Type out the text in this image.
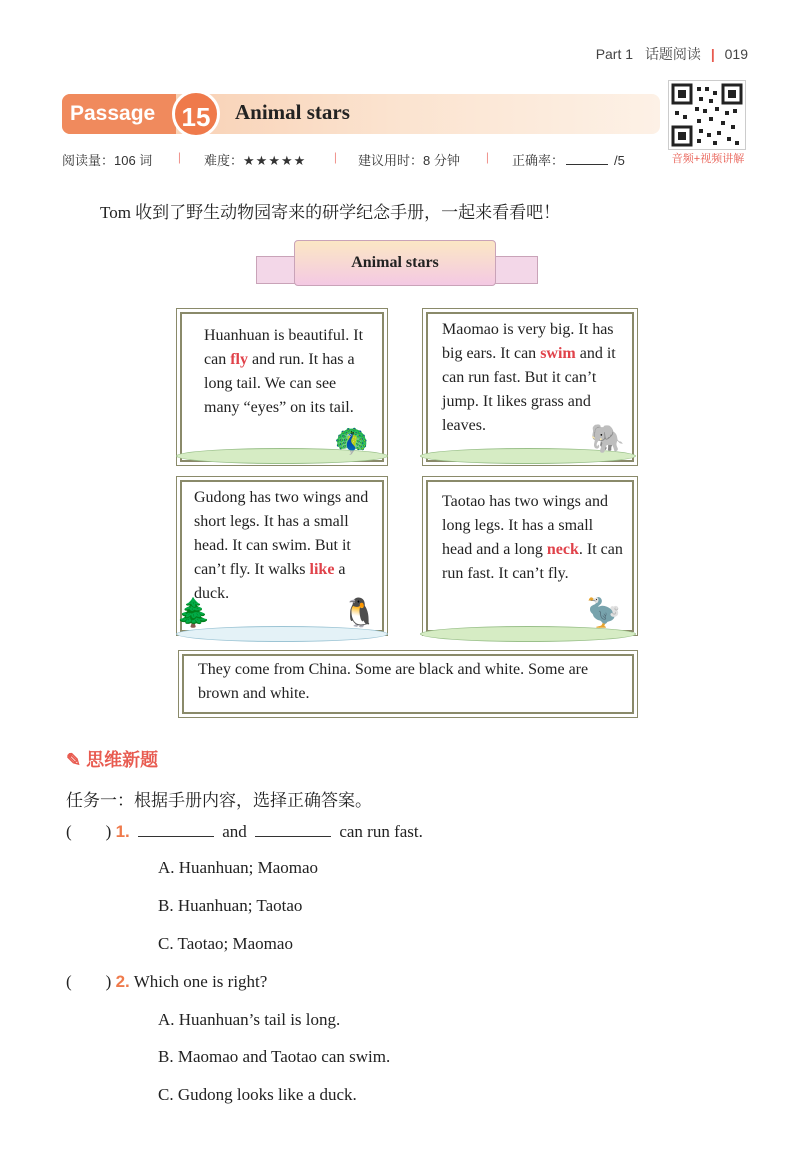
Part 1 话题阅读 | 019
Passage	15	Animal stars
音频+视频讲解
阅读量：106 词 | 难度：★★★★★ | 建议用时：8 分钟 | 正确率：	/5
Tom 收到了野生动物园寄来的研学纪念手册，一起来看看吧！
Animal stars
Huanhuan is beautiful. It can fly and run. It has a long tail. We can see many “eyes” on its tail.
🦚
Maomao is very big. It has big ears. It can swim and it can run fast. But it can’t jump. It likes grass and leaves.	🐘
Gudong has two wings and short legs. It has a small head. It can swim. But it can’t fly. It walks like a duck.
🌲	🐧
Taotao has two wings and long legs. It has a small head and a long neck. It can run fast. It can’t fly.
🦤
They come from China. Some are black and white. Some are brown and white.
✎ 思维新题
任务一：根据手册内容，选择正确答案。
(        ) 1.	and	can run fast.
A. Huanhuan; Maomao
B. Huanhuan; Taotao
C. Taotao; Maomao
(        ) 2. Which one is right?
A. Huanhuan’s tail is long.
B. Maomao and Taotao can swim.
C. Gudong looks like a duck.
